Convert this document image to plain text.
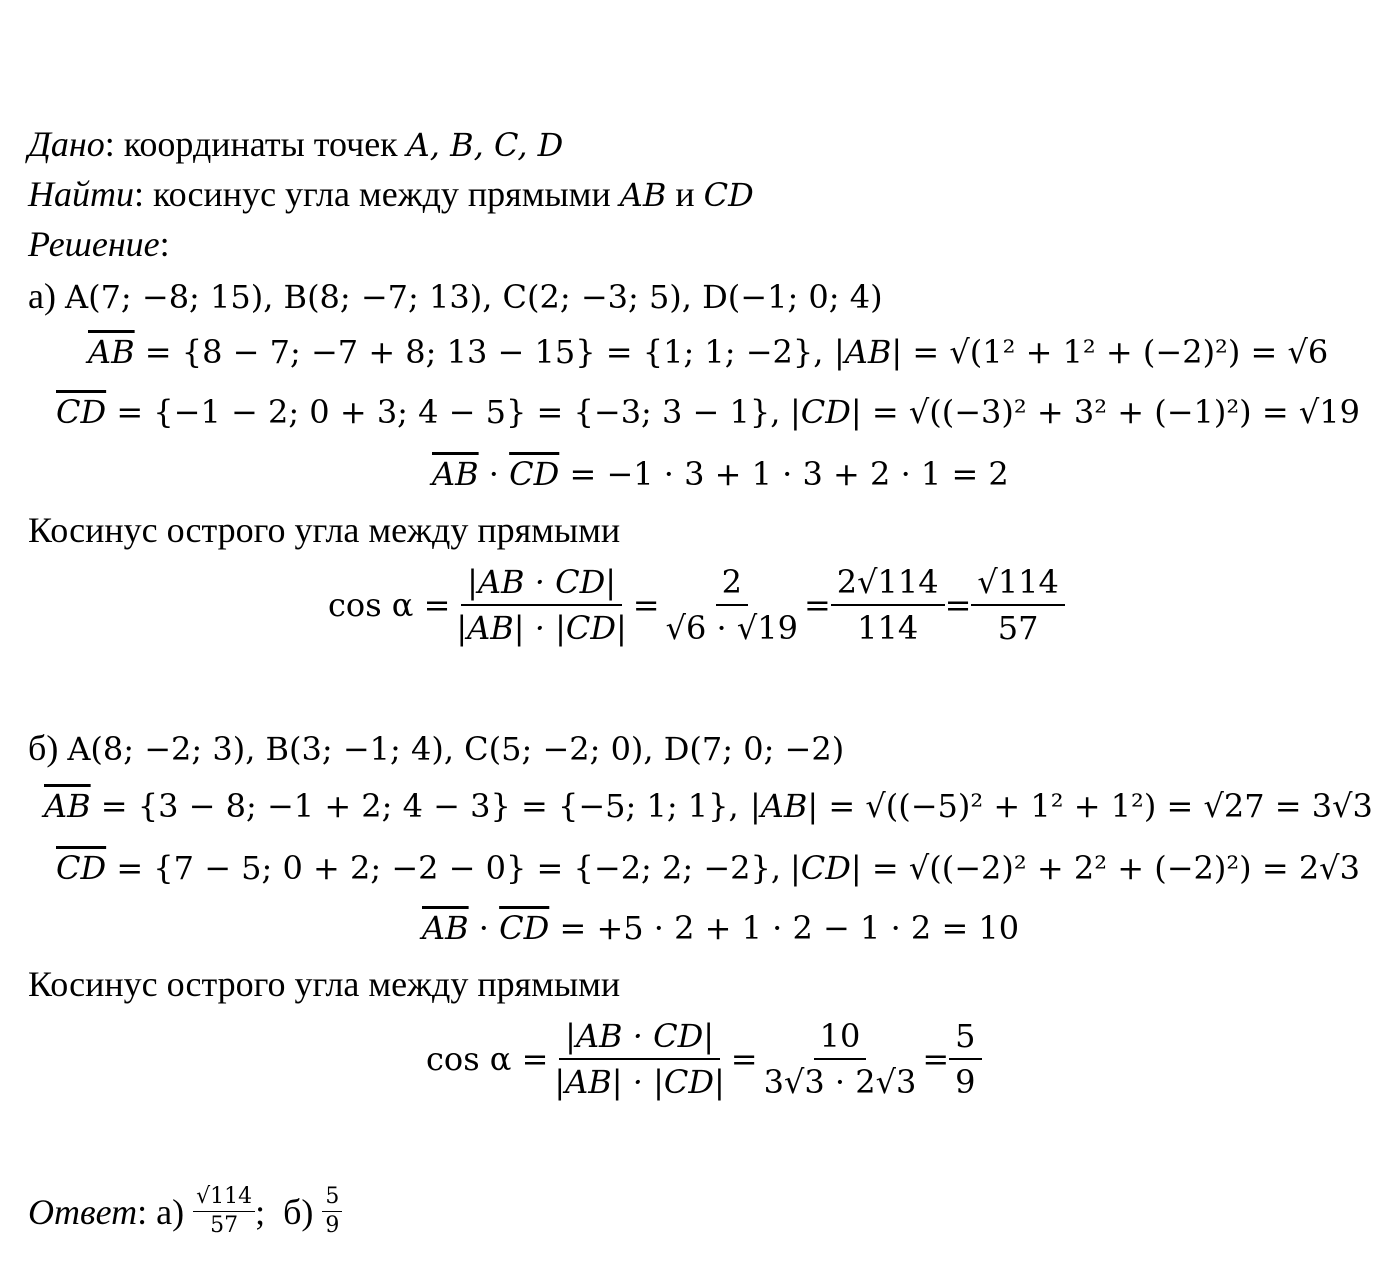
Дано: координаты точек A, B, C, D
Найти: косинус угла между прямыми AB и CD
Решение:
а) A(7; −8; 15), B(8; −7; 13), C(2; −3; 5), D(−1; 0; 4)
$\overline{AB} = \{8 - 7$; −7 + 8; 13 − 15} = {1; 1; −2}, |AB| = √(1² + 1² + (−2)²) = √6
$\overline{CD} = \{-1 - 2$; 0 + 3; 4 − 5} = {−3; 3 − 1}, |CD| = √((−3)² + 3² + (−1)²) = √19
$\overline{AB} \cdot \overline{CD} = -1 \cdot 3 + 1 \cdot 3 + 2 \cdot 1 = 2$
Косинус острого угла между прямыми
$\cos \alpha = \frac{|AB \cdot CD|}{|AB| \cdot |CD|} = \frac{2}{√6 \cdot √19} = \frac{2√114}{114} = \frac{√114}{57}$
б) A(8; −2; 3), B(3; −1; 4), C(5; −2; 0), D(7; 0; −2)
$\overline{AB} = \{3 - 8$; −1 + 2; 4 − 3} = {−5; 1; 1}, |AB| = √((−5)² + 1² + 1²) = √27 = 3√3
$\overline{CD} = \{7 - 5$; 0 + 2; −2 − 0} = {−2; 2; −2}, |CD| = √((−2)² + 2² + (−2)²) = 2√3
$\overline{AB} \cdot \overline{CD} = +5 \cdot 2 + 1 \cdot 2 - 1 \cdot 2 = 10$
Косинус острого угла между прямыми
$\cos \alpha = \frac{|AB \cdot CD|}{|AB| \cdot |CD|} = \frac{10}{3√3 \cdot 2√3} = \frac{5}{9}$
Ответ : $а) \frac{√114}{57}$ ;  $б) \frac{5}{9}$
